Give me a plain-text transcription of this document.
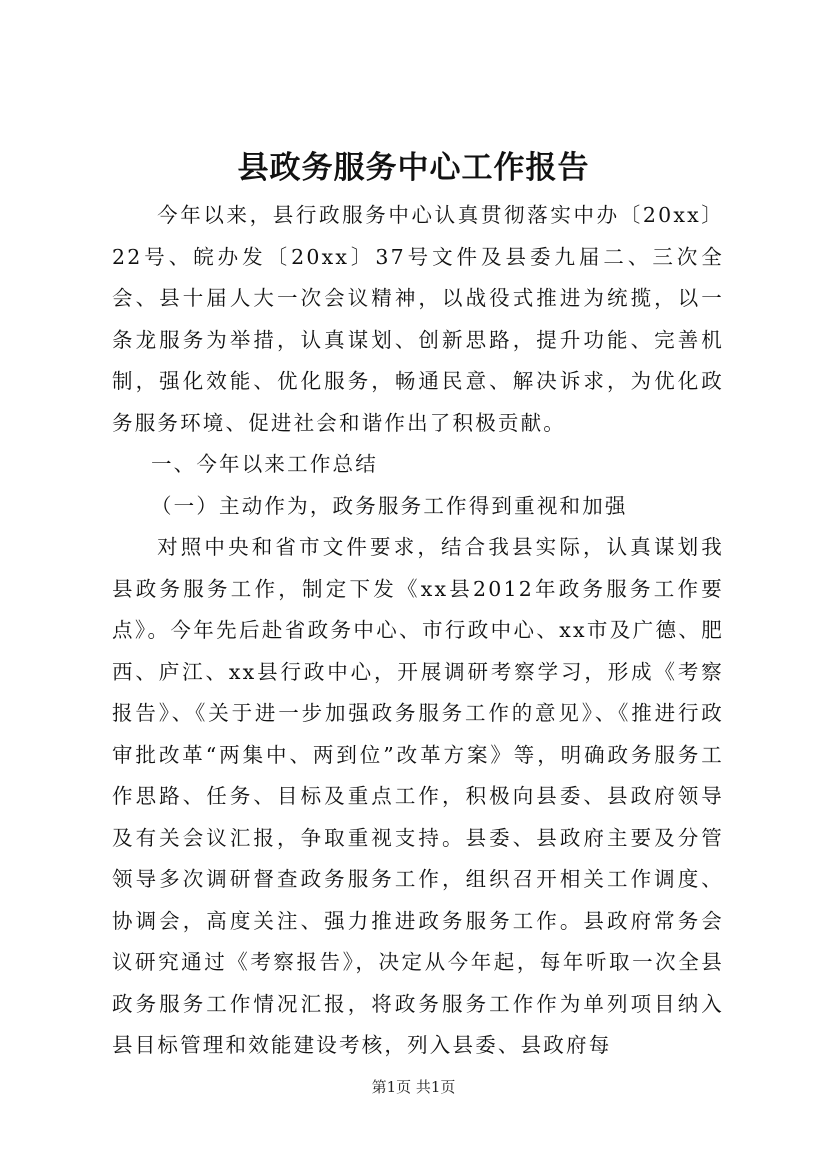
县政务服务中心工作报告

今年以来，县行政服务中心认真贯彻落实中办〔20xx〕22号、皖办发〔20xx〕37号文件及县委九届二、三次全会、县十届人大一次会议精神，以战役式推进为统揽，以一条龙服务为举措，认真谋划、创新思路，提升功能、完善机制，强化效能、优化服务，畅通民意、解决诉求，为优化政务服务环境、促进社会和谐作出了积极贡献。

一、今年以来工作总结

（一）主动作为，政务服务工作得到重视和加强

对照中央和省市文件要求，结合我县实际，认真谋划我县政务服务工作，制定下发《xx县2012年政务服务工作要点》。今年先后赴省政务中心、市行政中心、xx市及广德、肥西、庐江、xx县行政中心，开展调研考察学习，形成《考察报告》、《关于进一步加强政务服务工作的意见》、《推进行政审批改革“两集中、两到位”改革方案》等，明确政务服务工作思路、任务、目标及重点工作，积极向县委、县政府领导及有关会议汇报，争取重视支持。县委、县政府主要及分管领导多次调研督查政务服务工作，组织召开相关工作调度、协调会，高度关注、强力推进政务服务工作。县政府常务会议研究通过《考察报告》，决定从今年起，每年听取一次全县政务服务工作情况汇报，将政务服务工作作为单列项目纳入县目标管理和效能建设考核，列入县委、县政府每

第1页 共1页
